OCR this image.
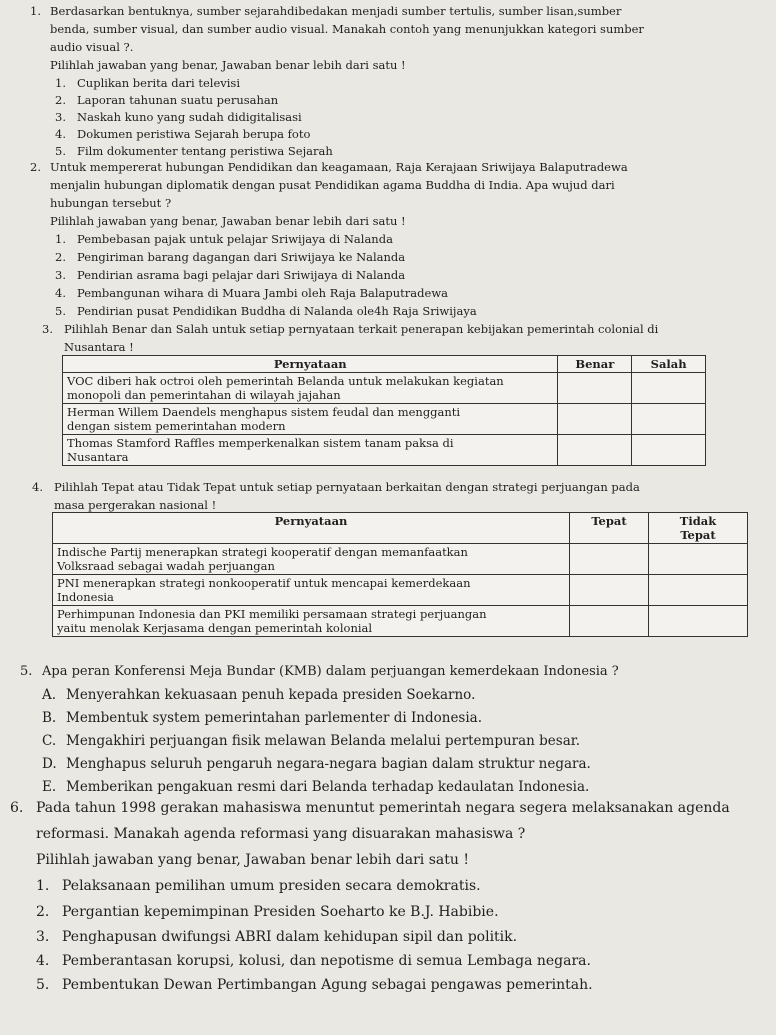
1. Berdasarkan bentuknya, sumber sejarahdibedakan menjadi sumber tertulis, sumber lisan,sumber
benda, sumber visual, dan sumber audio visual. Manakah contoh yang menunjukkan kategori sumber
audio visual ?.
Pilihlah jawaban yang benar, Jawaban benar lebih dari satu !
1. Cuplikan berita dari televisi
2. Laporan tahunan suatu perusahan
3. Naskah kuno yang sudah didigitalisasi
4. Dokumen peristiwa Sejarah berupa foto
5. Film dokumenter tentang peristiwa Sejarah
2. Untuk mempererat hubungan Pendidikan dan keagamaan, Raja Kerajaan Sriwijaya Balaputradewa
menjalin hubungan diplomatik dengan pusat Pendidikan agama Buddha di India. Apa wujud dari
hubungan tersebut ?
Pilihlah jawaban yang benar, Jawaban benar lebih dari satu !
1. Pembebasan pajak untuk pelajar Sriwijaya di Nalanda
2. Pengiriman barang dagangan dari Sriwijaya ke Nalanda
3. Pendirian asrama bagi pelajar dari Sriwijaya di Nalanda
4. Pembangunan wihara di Muara Jambi oleh Raja Balaputradewa
5. Pendirian pusat Pendidikan Buddha di Nalanda ole4h Raja Sriwijaya
3. Pilihlah Benar dan Salah untuk setiap pernyataan terkait penerapan kebijakan pemerintah colonial di
Nusantara !
Pernyataan	Benar	Salah

VOC diberi hak octroi oleh pemerintah Belanda untuk melakukan kegiatan
monopoli dan pemerintahan di wilayah jajahan		

Herman Willem Daendels menghapus sistem feudal dan mengganti
dengan sistem pemerintahan modern		

Thomas Stamford Raffles memperkenalkan sistem tanam paksa di
Nusantara		

4. Pilihlah Tepat atau Tidak Tepat untuk setiap pernyataan berkaitan dengan strategi perjuangan pada
masa pergerakan nasional !
Pernyataan	Tepat	Tidak
Tepat

Indische Partij menerapkan strategi kooperatif dengan memanfaatkan
Volksraad sebagai wadah perjuangan		

PNI menerapkan strategi nonkooperatif untuk mencapai kemerdekaan
Indonesia		

Perhimpunan Indonesia dan PKI memiliki persamaan strategi perjuangan
yaitu menolak Kerjasama dengan pemerintah kolonial		

5. Apa peran Konferensi Meja Bundar (KMB) dalam perjuangan kemerdekaan Indonesia ?
A. Menyerahkan kekuasaan penuh kepada presiden Soekarno.
B. Membentuk system pemerintahan parlementer di Indonesia.
C. Mengakhiri perjuangan fisik melawan Belanda melalui pertempuran besar.
D. Menghapus seluruh pengaruh negara-negara bagian dalam struktur negara.
E. Memberikan pengakuan resmi dari Belanda terhadap kedaulatan Indonesia.
6. Pada tahun 1998 gerakan mahasiswa menuntut pemerintah negara segera melaksanakan agenda
reformasi. Manakah agenda reformasi yang disuarakan mahasiswa ?
Pilihlah jawaban yang benar, Jawaban benar lebih dari satu !
1. Pelaksanaan pemilihan umum presiden secara demokratis.
2. Pergantian kepemimpinan Presiden Soeharto ke B.J. Habibie.
3. Penghapusan dwifungsi ABRI dalam kehidupan sipil dan politik.
4. Pemberantasan korupsi, kolusi, dan nepotisme di semua Lembaga negara.
5. Pembentukan Dewan Pertimbangan Agung sebagai pengawas pemerintah.
